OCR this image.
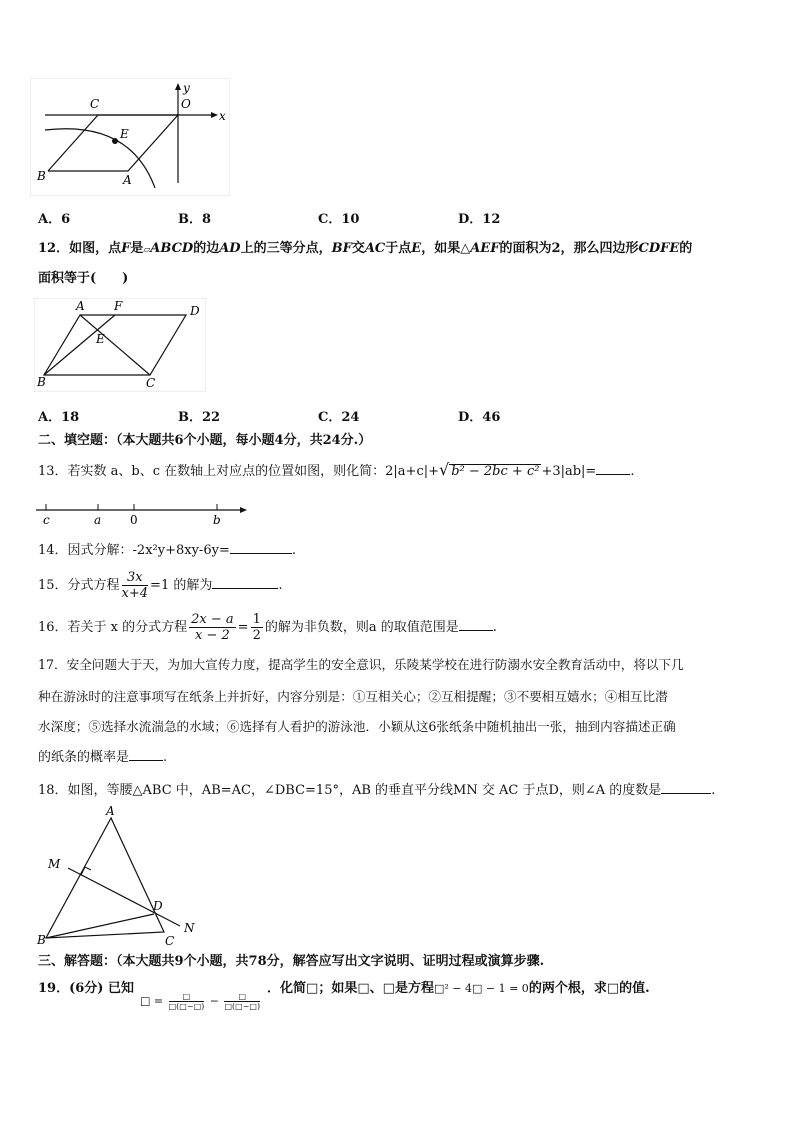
y
O
x
C
E
B	A
A．6	B．8	C．10	D．12
12．如图，点F是▱ABCD的边AD上的三等分点，BF交AC于点E，如果△AEF的面积为2，那么四边形CDFE的
面积等于(　　)
A F	D
E
B	C
A．18	B．22	C．24	D．46
二、填空题：（本大题共6个小题，每小题4分，共24分.）
13．若实数 a、b、c 在数轴上对应点的位置如图，则化简：2|a+c|+√ b² − 2bc + c² +3|ab|=	.
c	a 0	b
14．因式分解：-2x²y+8xy-6y=	.
15．分式方程 $\frac{3x}{x+4} =1$ 的解为	.
16．若关于 x 的分式方程 $\frac{2x - a}{x - 2} = \frac{1}{2}$ 的解为非负数，则a 的取值范围是	.
17．安全问题大于天，为加大宣传力度，提高学生的安全意识，乐陵某学校在进行防溺水安全教育活动中，将以下几
种在游泳时的注意事项写在纸条上并折好，内容分别是：①互相关心；②互相提醒；③不要相互嬉水；④相互比潜
水深度；⑤选择水流湍急的水域；⑥选择有人看护的游泳池．小颖从这6张纸条中随机抽出一张，抽到内容描述正确
的纸条的概率是	.
18．如图，等腰△ABC 中，AB=AC，∠DBC=15°，AB 的垂直平分线MN 交 AC 于点D，则∠A 的度数是	.
A
M
D
N
B	C
三、解答题：（本大题共9个小题，共78分，解答应写出文字说明、证明过程或演算步骤.
19．(6分) 已知
□ = $\frac{□}{□(□-□)} - \frac{□}{□(□-□)}$
．化简□；如果□、□是方程□² − 4□ − 1 = 0的两个根，求□的值.
